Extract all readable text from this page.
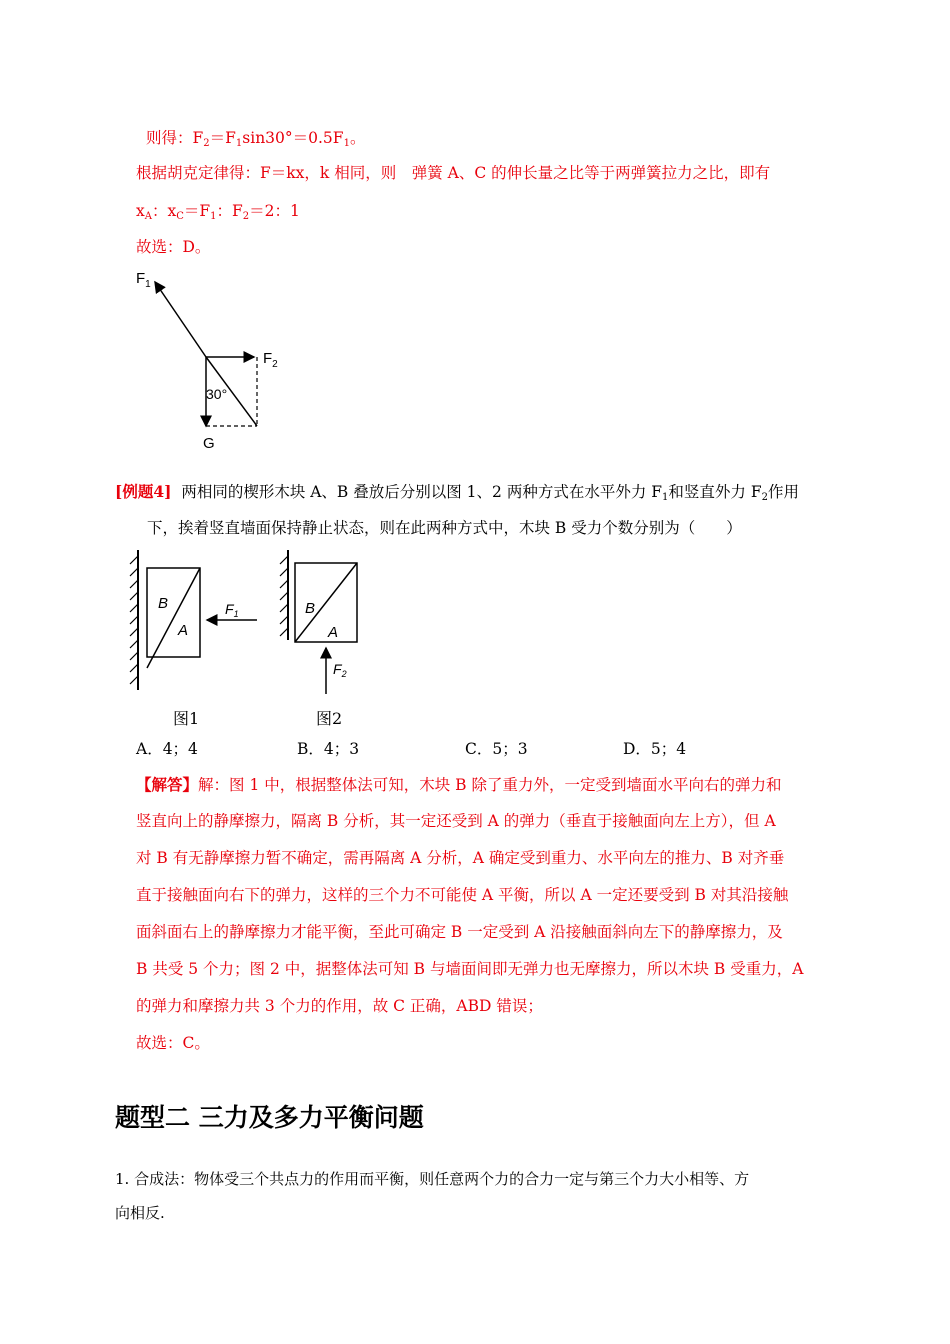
则得：$F_2=F_1\sin 30^\circ=0.5F_1$。
根据胡克定律得：F＝kx，k 相同，则　弹簧 A、C 的伸长量之比等于两弹簧拉力之比，即有
$x_A$：$x_C=F_1$：$F_2=2$：1
故选：D。
$F_1$
$F_2$
30°
G
[例题4] 两相同的楔形木块 A、B 叠放后分别以图 1、2 两种方式在水平外力 $F_1$和竖直外力 $F_2$作用
下，挨着竖直墙面保持静止状态，则在此两种方式中，木块 B 受力个数分别为（　　）
B
A
$F_1$
图1
B
A
$F_2$
图2
A．4；4	B．4；3	C．5；3	D．5；4
【解答】解：图 1 中，根据整体法可知，木块 B 除了重力外，一定受到墙面水平向右的弹力和
竖直向上的静摩擦力，隔离 B 分析，其一定还受到 A 的弹力（垂直于接触面向左上方），但 A
对 B 有无静摩擦力暂不确定，需再隔离 A 分析，A 确定受到重力、水平向左的推力、B 对齐垂
直于接触面向右下的弹力，这样的三个力不可能使 A 平衡，所以 A 一定还要受到 B 对其沿接触
面斜面右上的静摩擦力才能平衡，至此可确定 B 一定受到 A 沿接触面斜向左下的静摩擦力，及
B 共受 5 个力；图 2 中，据整体法可知 B 与墙面间即无弹力也无摩擦力，所以木块 B 受重力，A
的弹力和摩擦力共 3 个力的作用，故 C 正确，ABD 错误；
故选：C。
题型二 三力及多力平衡问题
1. 合成法：物体受三个共点力的作用而平衡，则任意两个力的合力一定与第三个力大小相等、方
向相反.
